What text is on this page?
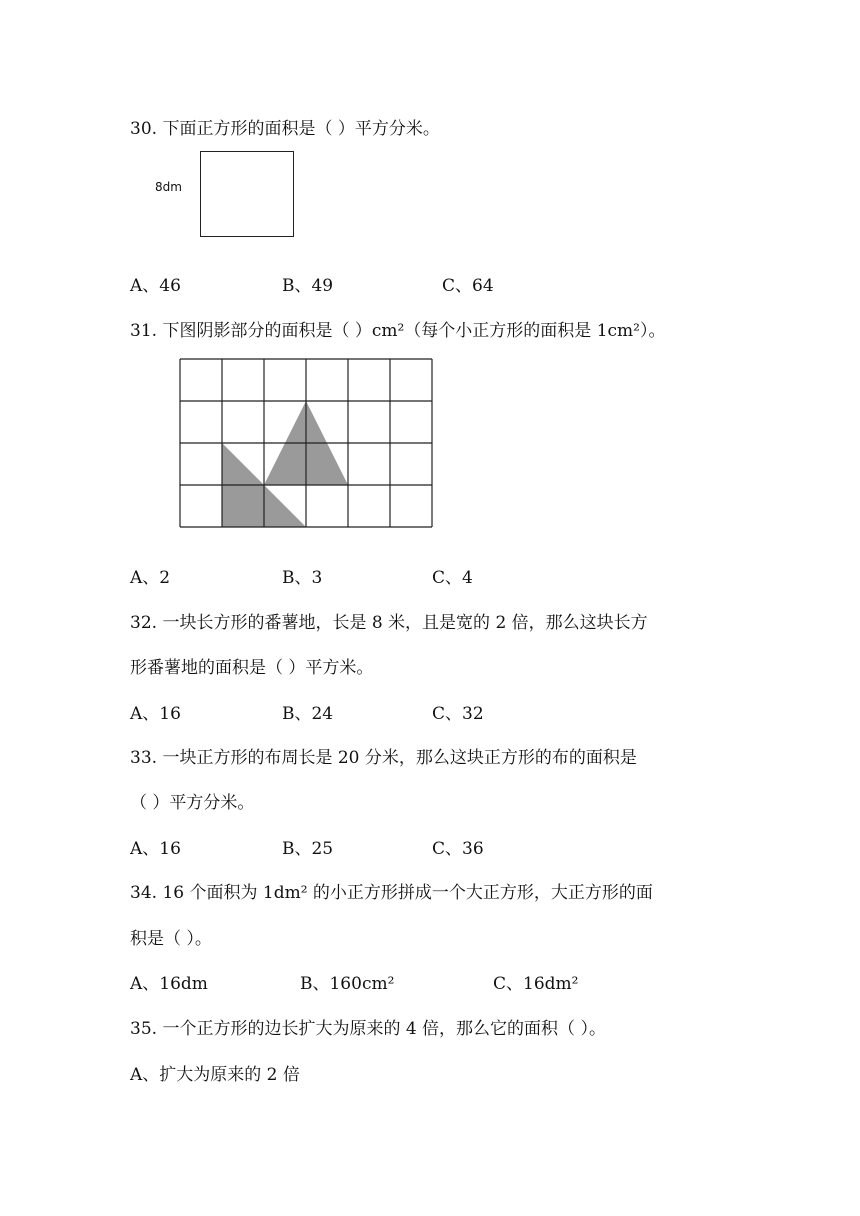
30. 下面正方形的面积是（ ）平方分米。
8dm
A、46	B、49	C、64
31. 下图阴影部分的面积是（ ）cm²（每个小正方形的面积是 1cm²）。
A、2	B、3	C、4
32. 一块长方形的番薯地，长是 8 米，且是宽的 2 倍，那么这块长方
形番薯地的面积是（ ）平方米。
A、16	B、24	C、32
33. 一块正方形的布周长是 20 分米，那么这块正方形的布的面积是
（ ）平方分米。
A、16	B、25	C、36
34. 16 个面积为 1dm² 的小正方形拼成一个大正方形，大正方形的面
积是（ ）。
A、16dm	B、160cm²	C、16dm²
35. 一个正方形的边长扩大为原来的 4 倍，那么它的面积（ ）。
A、扩大为原来的 2 倍
